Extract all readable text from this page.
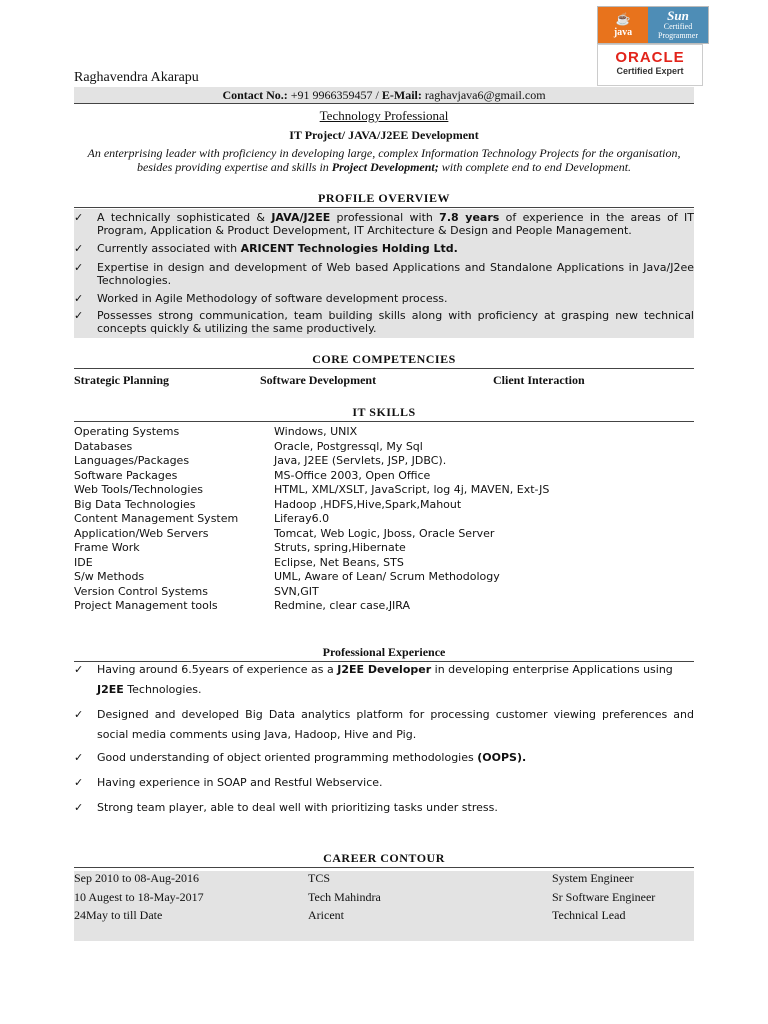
☕
java
Sun
Certified
Programmer
ORACLE
Certified Expert
Raghavendra Akarapu
Contact No.: +91 9966359457 / E-Mail: raghavjava6@gmail.com
Technology Professional
IT Project/ JAVA/J2EE Development
An enterprising leader with proficiency in developing large, complex Information Technology Projects for the organisation, besides providing expertise and skills in Project Development; with complete end to end Development.
PROFILE OVERVIEW
✓ A technically sophisticated & JAVA/J2EE professional with 7.8 years of experience in the areas of IT Program, Application & Product Development, IT Architecture & Design and People Management.
✓ Currently associated with ARICENT Technologies Holding Ltd.
✓ Expertise in design and development of Web based Applications and Standalone Applications in Java/J2ee Technologies.
✓ Worked in Agile Methodology of software development process.
✓ Possesses strong communication, team building skills along with proficiency at grasping new technical concepts quickly & utilizing the same productively.
CORE COMPETENCIES
Strategic Planning	Software Development	Client Interaction
IT SKILLS
Operating Systems	Windows, UNIX
Databases	Oracle, Postgressql, My Sql
Languages/Packages	Java, J2EE (Servlets, JSP, JDBC).
Software Packages	MS-Office 2003, Open Office
Web Tools/Technologies	HTML, XML/XSLT, JavaScript, log 4j, MAVEN, Ext-JS
Big Data Technologies	Hadoop ,HDFS,Hive,Spark,Mahout
Content Management System	Liferay6.0
Application/Web Servers	Tomcat, Web Logic, Jboss, Oracle Server
Frame Work	Struts, spring,Hibernate
IDE	Eclipse, Net Beans, STS
S/w Methods	UML, Aware of Lean/ Scrum Methodology
Version Control Systems	SVN,GIT
Project Management tools	Redmine, clear case,JIRA
Professional Experience
✓ Having around 6.5years of experience as a J2EE Developer in developing enterprise Applications using J2EE Technologies.
✓ Designed and developed Big Data analytics platform for processing customer viewing preferences and social media comments using Java, Hadoop, Hive and Pig.
✓ Good understanding of object oriented programming methodologies (OOPS).
✓ Having experience in SOAP and Restful Webservice.
✓ Strong team player, able to deal well with prioritizing tasks under stress.
CAREER CONTOUR
Sep 2010 to 08-Aug-2016	TCS	System Engineer
10 Augest to 18-May-2017	Tech Mahindra	Sr Software Engineer
24May to till Date	Aricent	Technical Lead
